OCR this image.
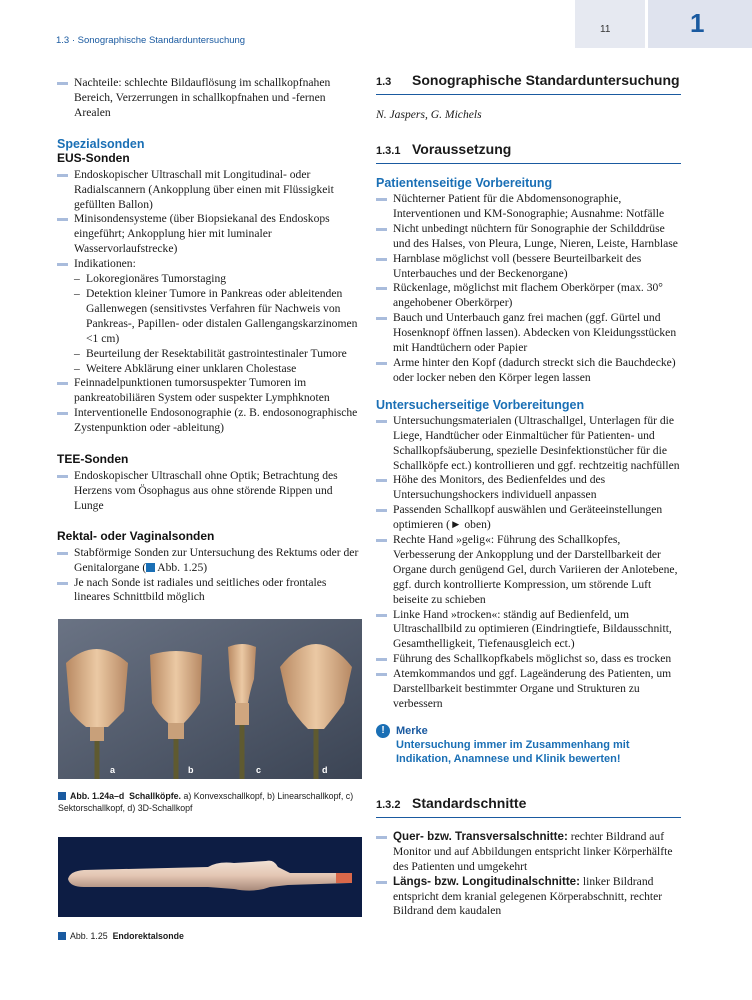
1.3 · Sonographische Standarduntersuchung
11	1
Nachteile: schlechte Bildauflösung im schallkopfnahen Bereich, Verzerrungen in schallkopfnahen und -fernen Arealen
Spezialsonden
EUS-Sonden
Endoskopischer Ultraschall mit Longitudinal- oder Radialscannern (Ankopplung über einen mit Flüssigkeit gefüllten Ballon)
Minisondensysteme (über Biopsiekanal des Endoskops eingeführt; Ankopplung hier mit luminaler Wasservorlaufstrecke)
Indikationen:
– Lokoregionäres Tumorstaging
– Detektion kleiner Tumore in Pankreas oder ableitenden Gallenwegen (sensitivstes Verfahren für Nachweis von Pankreas-, Papillen- oder distalen Gallengangskarzinomen <1 cm)
– Beurteilung der Resektabilität gastrointestinaler Tumore
– Weitere Abklärung einer unklaren Cholestase
Feinnadelpunktionen tumorsuspekter Tumoren im pankreatobiliären System oder suspekter Lymphknoten
Interventionelle Endosonographie (z. B. endosonographische Zystenpunktion oder -ableitung)
TEE-Sonden
Endoskopischer Ultraschall ohne Optik; Betrachtung des Herzens vom Ösophagus aus ohne störende Rippen und Lunge
Rektal- oder Vaginalsonden
Stabförmige Sonden zur Untersuchung des Rektums oder der Genitalorgane ( Abb. 1.25)
Je nach Sonde ist radiales und seitliches oder frontales lineares Schnittbild möglich
a	b	c	d
Abb. 1.24a–d Schallköpfe. a) Konvexschallkopf, b) Linearschallkopf, c) Sektorschallkopf, d) 3D-Schallkopf
Abb. 1.25 Endorektalsonde
1.3	Sonographische Standarduntersuchung
N. Jaspers, G. Michels
1.3.1 Voraussetzung
Patientenseitige Vorbereitung
Nüchterner Patient für die Abdomensonographie, Interventionen und KM-Sonographie; Ausnahme: Notfälle
Nicht unbedingt nüchtern für Sonographie der Schilddrüse und des Halses, von Pleura, Lunge, Nieren, Leiste, Harnblase
Harnblase möglichst voll (bessere Beurteilbarkeit des Unterbauches und der Beckenorgane)
Rückenlage, möglichst mit flachem Oberkörper (max. 30° angehobener Oberkörper)
Bauch und Unterbauch ganz frei machen (ggf. Gürtel und Hosenknopf öffnen lassen). Abdecken von Kleidungsstücken mit Handtüchern oder Papier
Arme hinter den Kopf (dadurch streckt sich die Bauchdecke) oder locker neben den Körper legen lassen
Untersucherseitige Vorbereitungen
Untersuchungsmaterialen (Ultraschallgel, Unterlagen für die Liege, Handtücher oder Einmaltücher für Patienten- und Schallkopfsäuberung, spezielle Desinfektionstücher für die Schallköpfe ect.) kontrollieren und ggf. rechtzeitig nachfüllen
Höhe des Monitors, des Bedienfeldes und des Untersuchungshockers individuell anpassen
Passenden Schallkopf auswählen und Geräteeinstellungen optimieren (► oben)
Rechte Hand »gelig«: Führung des Schallkopfes, Verbesserung der Ankopplung und der Darstellbarkeit der Organe durch genügend Gel, durch Variieren der Anlotebene, ggf. durch kontrollierte Kompression, um störende Luft beiseite zu schieben
Linke Hand »trocken«: ständig auf Bedienfeld, um Ultraschallbild zu optimieren (Eindringtiefe, Bildausschnitt, Gesamthelligkeit, Tiefenausgleich ect.)
Führung des Schallkopfkabels möglichst so, dass es trocken
Atemkommandos und ggf. Lageänderung des Patienten, um Darstellbarkeit bestimmter Organe und Strukturen zu verbessern
!	Merke
Untersuchung immer im Zusammenhang mit Indikation, Anamnese und Klinik bewerten!
1.3.2 Standardschnitte
Quer- bzw. Transversalschnitte: rechter Bildrand auf Monitor und auf Abbildungen entspricht linker Körperhälfte des Patienten und umgekehrt
Längs- bzw. Longitudinalschnitte: linker Bildrand entspricht dem kranial gelegenen Körperabschnitt, rechter Bildrand dem kaudalen
